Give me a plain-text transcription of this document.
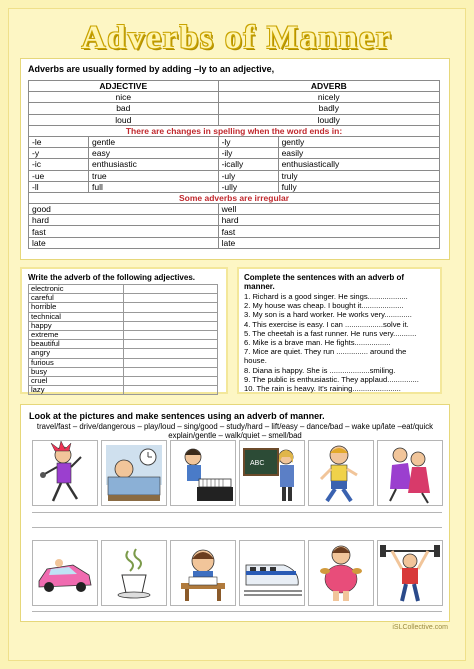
Adverbs of Manner
Adverbs are usually formed by adding –ly to an adjective,
ADJECTIVE		ADVERB	
nice		nicely	
bad		badly	
loud		loudly	
There are changes in spelling when the word ends in:			
-le	gentle	-ly	gently
-y	easy	-ily	easily
-ic	enthusiastic	-ically	enthusiastically
-ue	true	-uly	truly
-ll	full	-ully	fully
Some adverbs are irregular			
good		well	
hard		hard	
fast		fast	
late		late	
Write the adverb of the following adjectives.
electronic	
careful	
horrible	
technical	
happy	
extreme	
beautiful	
angry	
furious	
busy	
cruel	
lazy	
Complete the sentences with an adverb of manner.
1. Richard is a good singer. He sings...................
2. My house was cheap. I bought it....................
3. My son is a hard worker. He works very.............
4. This exercise is easy. I can ..................solve it.
5. The cheetah is a fast runner. He runs very...........
6. Mike is a brave man. He fights.................
7. Mice are quiet. They run ............... around the
house.
8. Diana is happy. She is ...................smiling.
9. The public is enthusiastic. They applaud...............
10. The rain is heavy. It's raining.......................
Look at the pictures and make sentences using an adverb of manner.
travel/fast – drive/dangerous – play/loud – sing/good – study/hard – lift/easy – dance/bad – wake up/late –eat/quick explain/gentle – walk/quiet – smell/bad
ABC
iSLCollective.com
